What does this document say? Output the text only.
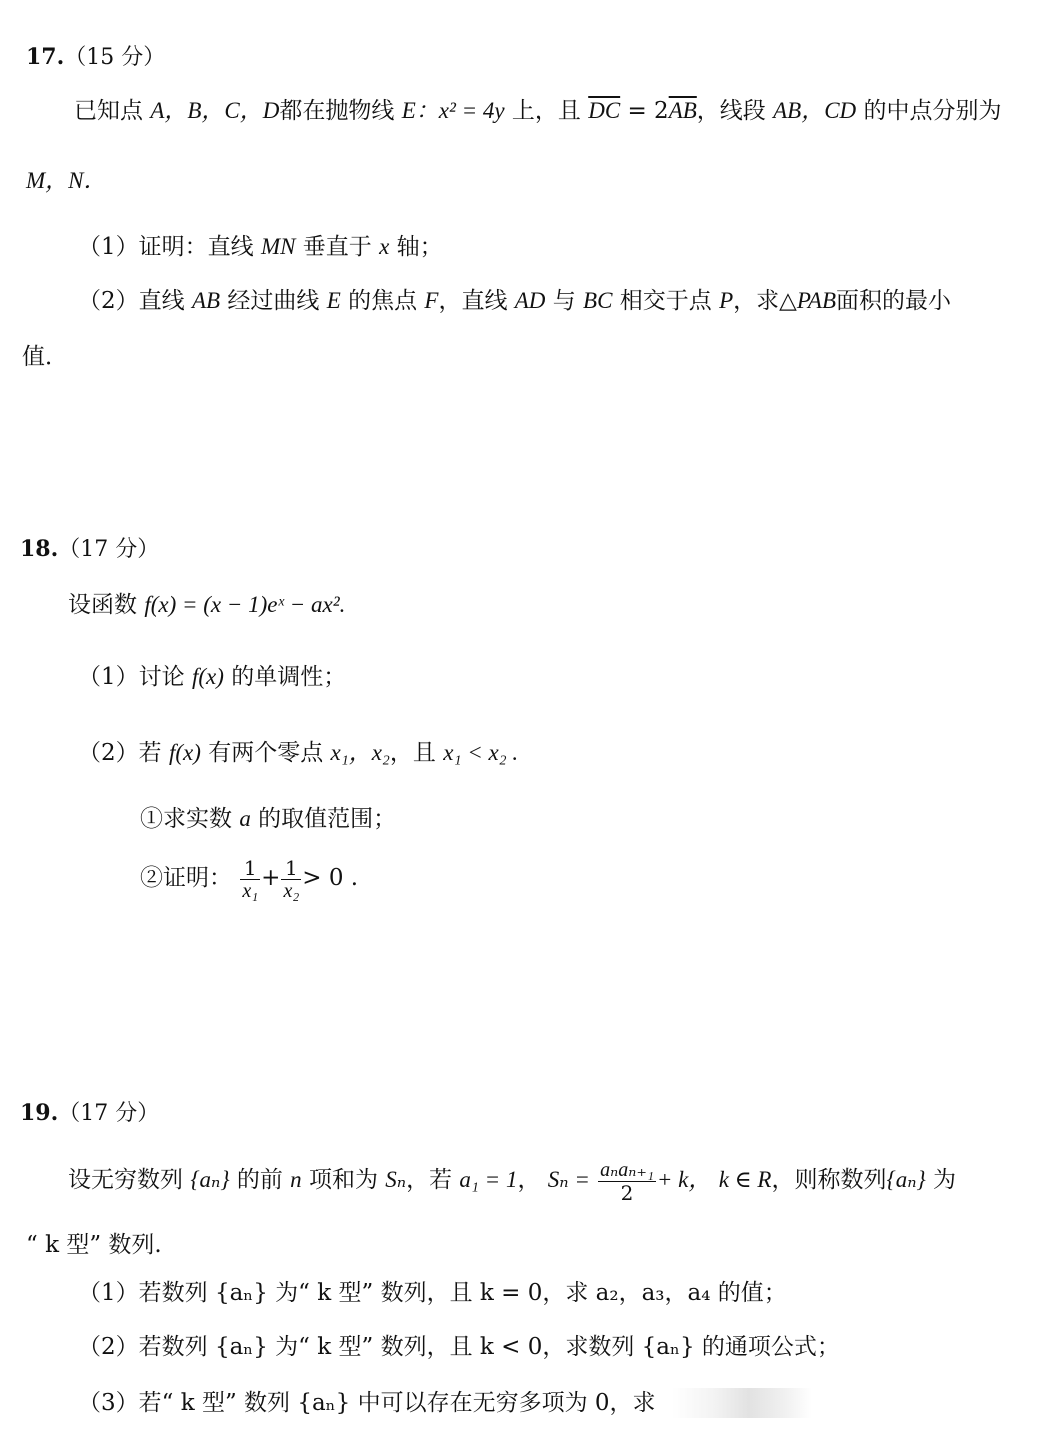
17.（15 分）
已知点 A，B，C，D都在抛物线 E：x² = 4y 上，且 $\overline{DC} = 2\overline{AB}$，线段 AB，CD 的中点分别为
M，N．
（1）证明：直线 MN 垂直于 x 轴；
（2）直线 AB 经过曲线 E 的焦点 F，直线 AD 与 BC 相交于点 P，求△PAB面积的最小
值．
18.（17 分）
设函数 f(x) = (x − 1)eˣ − ax².
（1）讨论 f(x) 的单调性；
（2）若 f(x) 有两个零点 x₁，x₂，且 x₁ < x₂ .
①求实数 a 的取值范围；
②证明： $\frac{1}{\text{x₁}} + \frac{1}{\text{x₂}} > 0$ .
19.（17 分）
设无穷数列 {aₙ} 的前 n 项和为 Sₙ，若 a₁ = 1， $S_n = \frac{\text{aₙaₙ₊₁}}{2} + k$， k ∈ R，则称数列{aₙ} 为
“ k 型” 数列.
（1）若数列 {aₙ} 为“ k 型” 数列，且 k = 0，求 a₂，a₃，a₄ 的值；
（2）若数列 {aₙ} 为“ k 型” 数列，且 k < 0，求数列 {aₙ} 的通项公式；
（3）若“ k 型” 数列 {aₙ} 中可以存在无穷多项为 0，求
